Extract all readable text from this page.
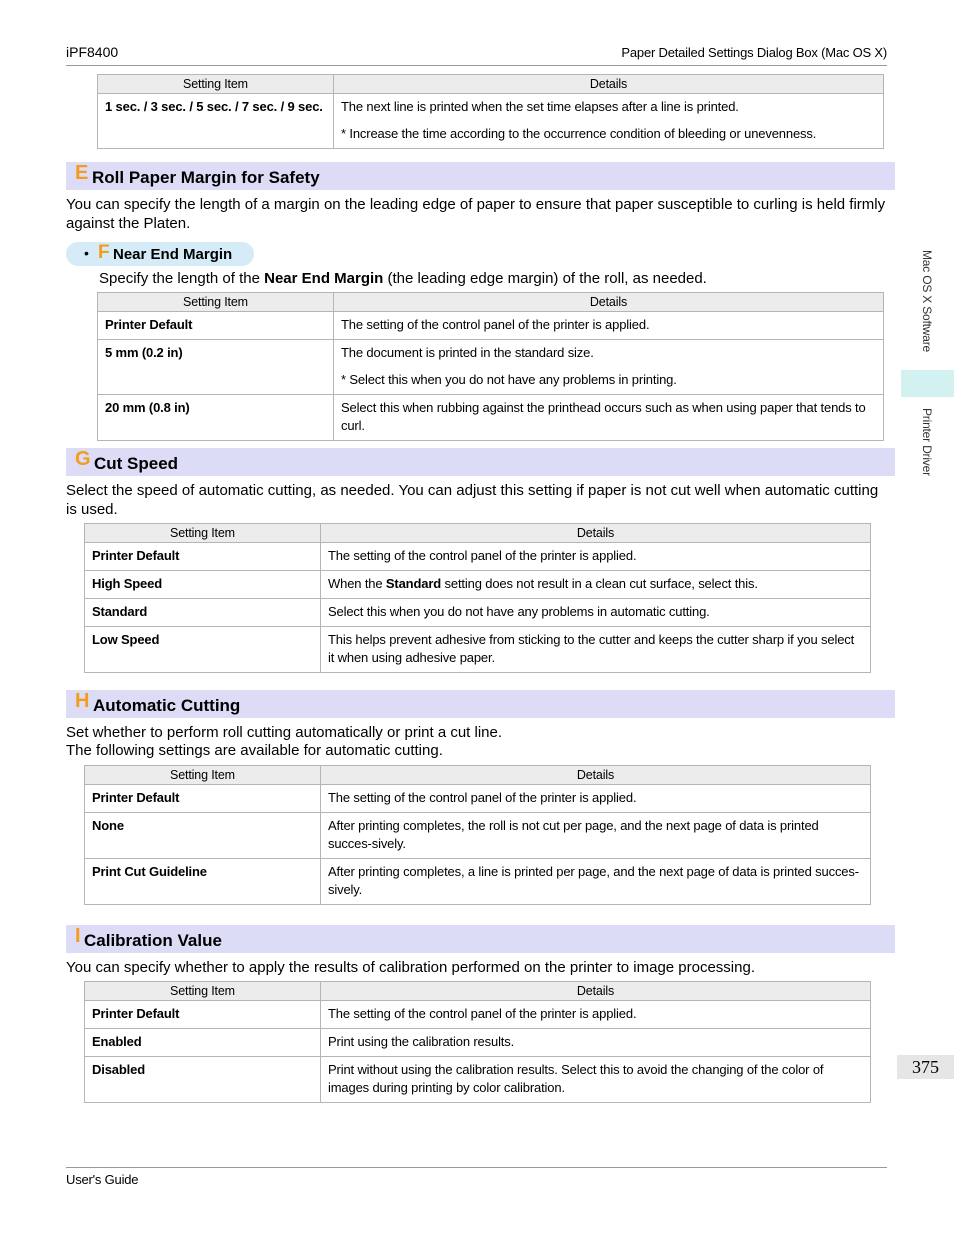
iPF8400	Paper Detailed Settings Dialog Box (Mac OS X)
Setting Item	Details
1 sec. / 3 sec. / 5 sec. / 7 sec. / 9 sec.	The next line is printed when the set time elapses after a line is printed.

* Increase the time according to the occurrence condition of bleeding or unevenness.

E Roll Paper Margin for Safety
You can specify the length of a margin on the leading edge of paper to ensure that paper susceptible to curling is held firmly against the Platen.
• F Near End Margin
Specify the length of the Near End Margin (the leading edge margin) of the roll, as needed.
Setting Item	Details
Printer Default	The setting of the control panel of the printer is applied.
5 mm (0.2 in)	The document is printed in the standard size.

* Select this when you do not have any problems in printing.

20 mm (0.8 in)	Select this when rubbing against the printhead occurs such as when using paper that tends to curl.
G Cut Speed
Select the speed of automatic cutting, as needed. You can adjust this setting if paper is not cut well when automatic cutting is used.
Setting Item	Details
Printer Default	The setting of the control panel of the printer is applied.
High Speed	When the Standard setting does not result in a clean cut surface, select this.
Standard	Select this when you do not have any problems in automatic cutting.
Low Speed	This helps prevent adhesive from sticking to the cutter and keeps the cutter sharp if you select it when using adhesive paper.
H Automatic Cutting
Set whether to perform roll cutting automatically or print a cut line.
The following settings are available for automatic cutting.
Setting Item	Details
Printer Default	The setting of the control panel of the printer is applied.
None	After printing completes, the roll is not cut per page, and the next page of data is printed succes-sively.
Print Cut Guideline	After printing completes, a line is printed per page, and the next page of data is printed succes-sively.
I Calibration Value
You can specify whether to apply the results of calibration performed on the printer to image processing.
Setting Item	Details
Printer Default	The setting of the control panel of the printer is applied.
Enabled	Print using the calibration results.
Disabled	Print without using the calibration results. Select this to avoid the changing of the color of images during printing by color calibration.
Mac OS X Software
Printer Driver
375
User's Guide
